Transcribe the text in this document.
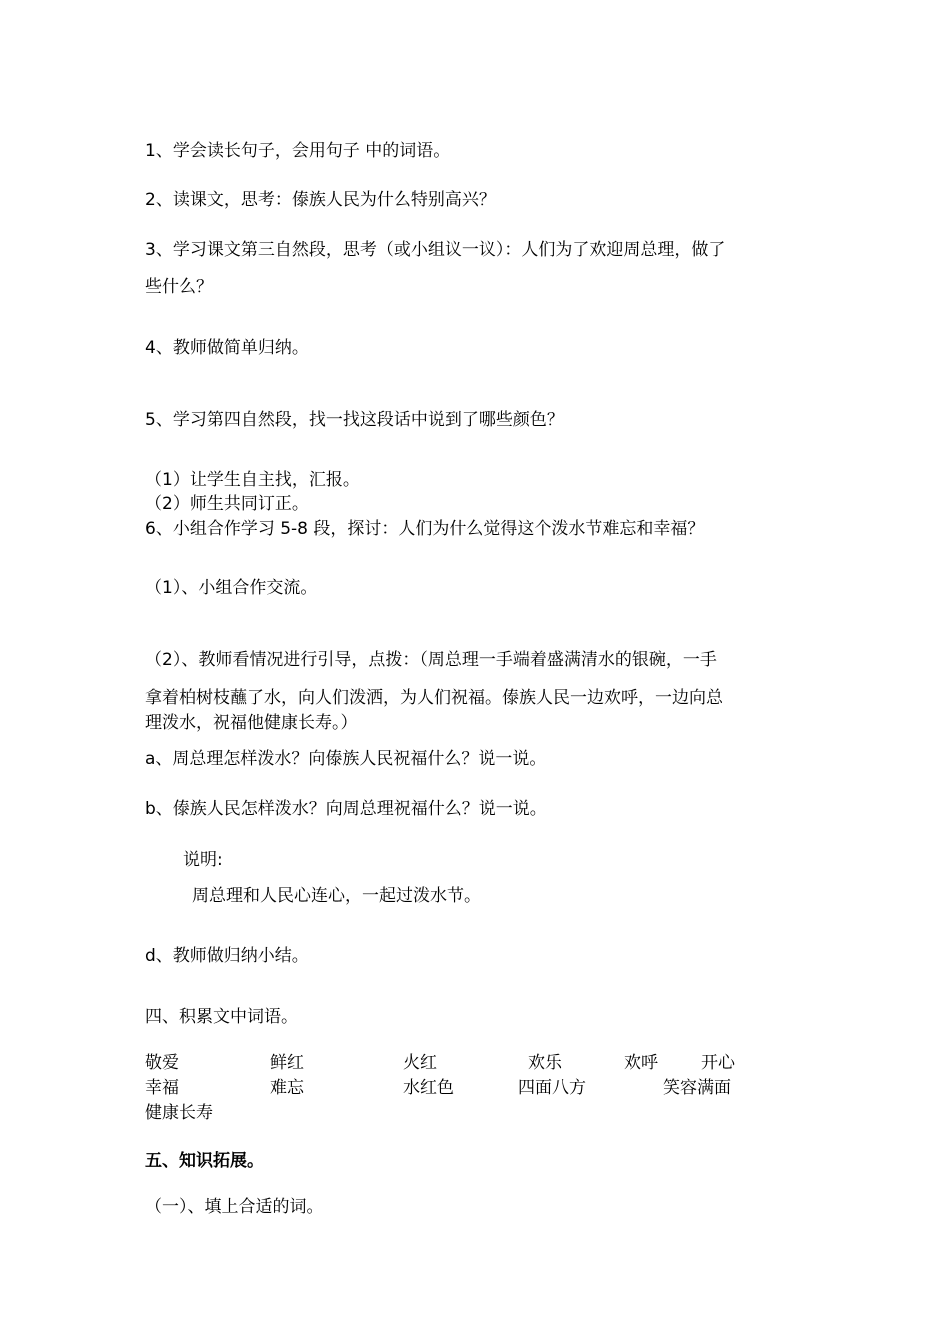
1、学会读长句子，会用句子 中的词语。
2、读课文，思考：傣族人民为什么特别高兴？
3、学习课文第三自然段，思考（或小组议一议）：人们为了欢迎周总理，做了
些什么？
4、教师做简单归纳。
5、学习第四自然段，找一找这段话中说到了哪些颜色？
（1）让学生自主找，汇报。
（2）师生共同订正。
6、小组合作学习 5-8 段，探讨：人们为什么觉得这个泼水节难忘和幸福？
（1）、小组合作交流。
（2）、教师看情况进行引导，点拨：（周总理一手端着盛满清水的银碗，一手
拿着柏树枝蘸了水，向人们泼洒，为人们祝福。傣族人民一边欢呼，一边向总
理泼水，祝福他健康长寿。）
a、周总理怎样泼水？向傣族人民祝福什么？说一说。
b、傣族人民怎样泼水？向周总理祝福什么？说一说。
说明:
周总理和人民心连心，一起过泼水节。
d、教师做归纳小结。
四、积累文中词语。
敬爱	鲜红	火红	欢乐	欢呼	开心
幸福	难忘	水红色	四面八方	笑容满面
健康长寿
五、知识拓展。
（一）、填上合适的词。
